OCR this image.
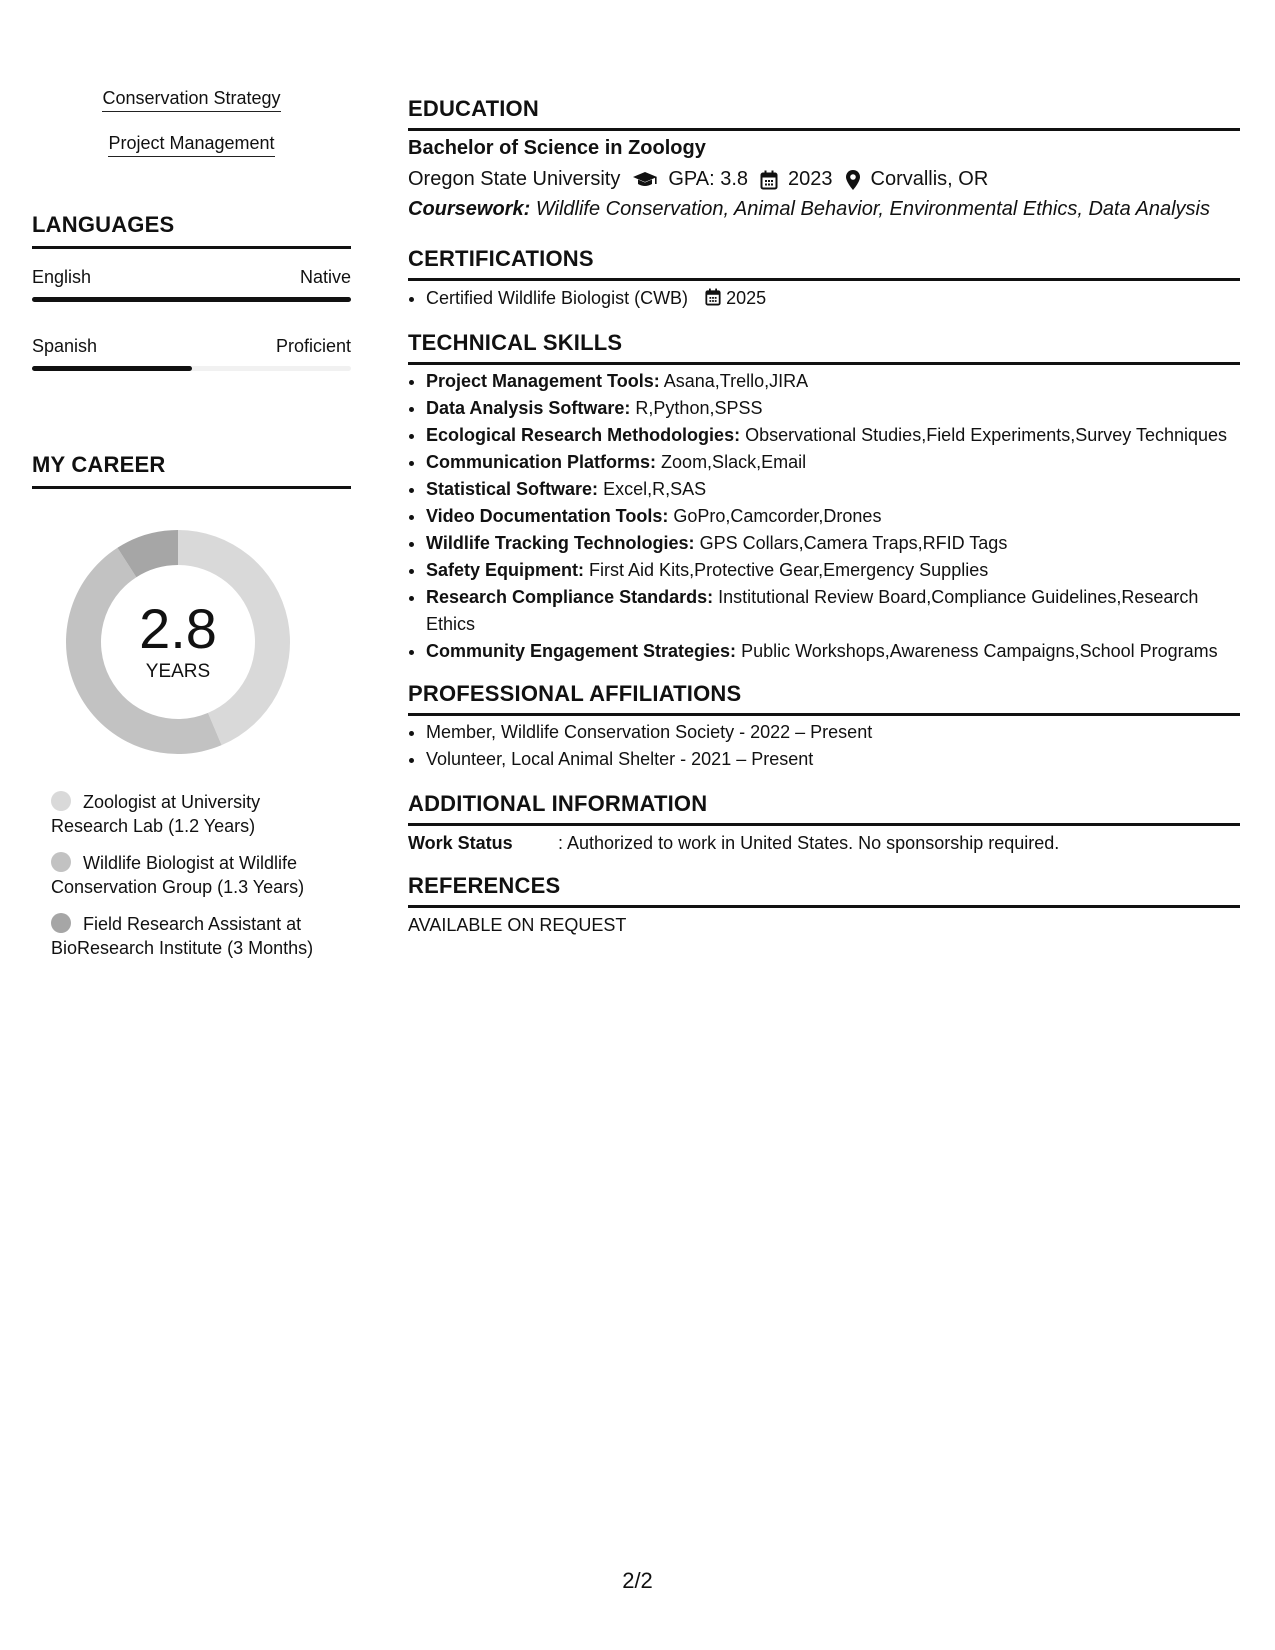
Conservation Strategy
Project Management
LANGUAGES
English	Native
Spanish	Proficient
MY CAREER
2.8
YEARS
Zoologist at University Research Lab (1.2 Years)
Wildlife Biologist at Wildlife Conservation Group (1.3 Years)
Field Research Assistant at BioResearch Institute (3 Months)
EDUCATION
Bachelor of Science in Zoology
Oregon State University GPA: 3.8 2023 Corvallis, OR
Coursework: Wildlife Conservation, Animal Behavior, Environmental Ethics, Data Analysis
CERTIFICATIONS
• Certified Wildlife Biologist (CWB) 2025
TECHNICAL SKILLS
• Project Management Tools: Asana,Trello,JIRA
• Data Analysis Software: R,Python,SPSS
• Ecological Research Methodologies: Observational Studies,Field Experiments,Survey Techniques
• Communication Platforms: Zoom,Slack,Email
• Statistical Software: Excel,R,SAS
• Video Documentation Tools: GoPro,Camcorder,Drones
• Wildlife Tracking Technologies: GPS Collars,Camera Traps,RFID Tags
• Safety Equipment: First Aid Kits,Protective Gear,Emergency Supplies
• Research Compliance Standards: Institutional Review Board,Compliance Guidelines,Research Ethics
• Community Engagement Strategies: Public Workshops,Awareness Campaigns,School Programs
PROFESSIONAL AFFILIATIONS
• Member, Wildlife Conservation Society - 2022 – Present
• Volunteer, Local Animal Shelter - 2021 – Present
ADDITIONAL INFORMATION
Work Status	: Authorized to work in United States. No sponsorship required.
REFERENCES
AVAILABLE ON REQUEST
2/2
